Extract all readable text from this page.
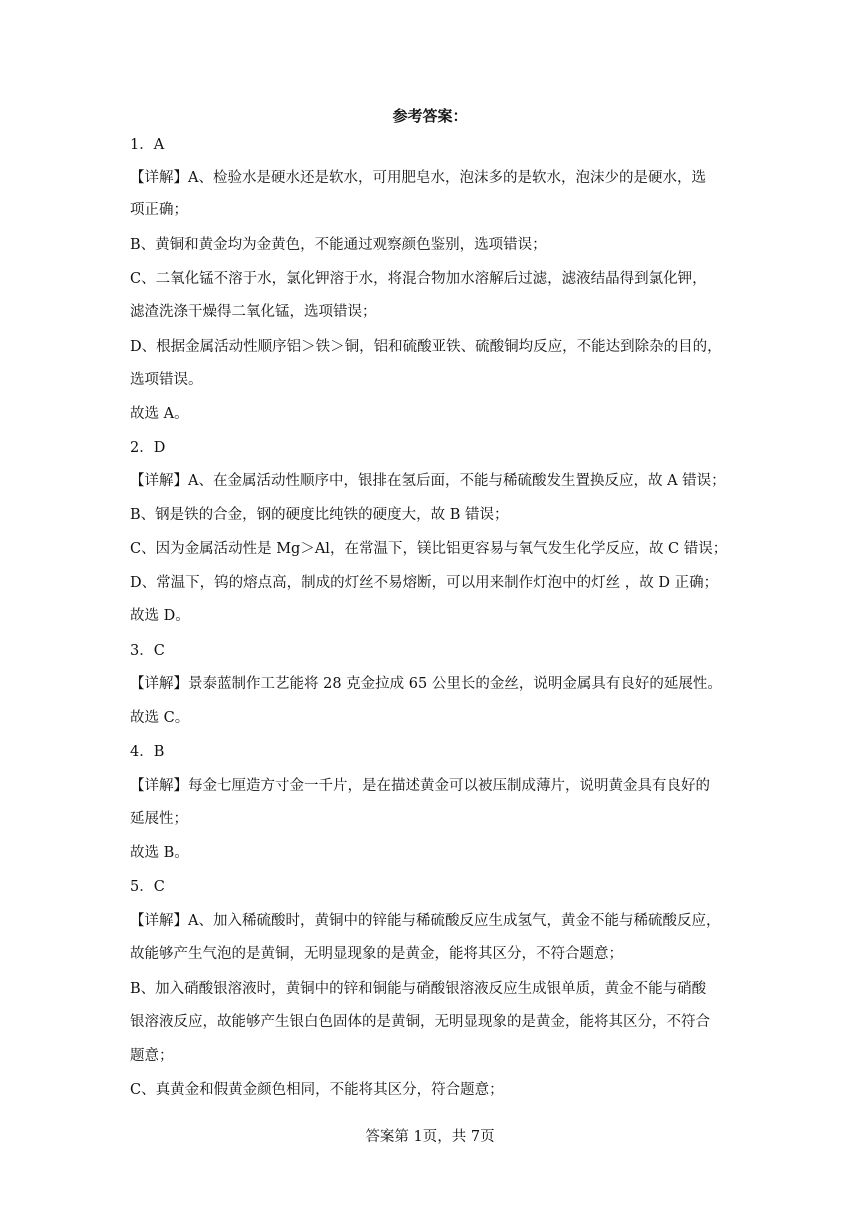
参考答案：
1．A
【详解】A、检验水是硬水还是软水，可用肥皂水，泡沫多的是软水，泡沫少的是硬水，选
项正确；
B、黄铜和黄金均为金黄色，不能通过观察颜色鉴别，选项错误；
C、二氧化锰不溶于水，氯化钾溶于水，将混合物加水溶解后过滤，滤液结晶得到氯化钾，
滤渣洗涤干燥得二氧化锰，选项错误；
D、根据金属活动性顺序铝＞铁＞铜，铝和硫酸亚铁、硫酸铜均反应，不能达到除杂的目的，
选项错误。
故选 A。
2．D
【详解】A、在金属活动性顺序中，银排在氢后面，不能与稀硫酸发生置换反应，故 A 错误；
B、钢是铁的合金，钢的硬度比纯铁的硬度大，故 B 错误；
C、因为金属活动性是 Mg＞Al，在常温下，镁比铝更容易与氧气发生化学反应，故 C 错误；
D、常温下，钨的熔点高，制成的灯丝不易熔断，可以用来制作灯泡中的灯丝 ，故 D 正确；
故选 D。
3．C
【详解】景泰蓝制作工艺能将 28 克金拉成 65 公里长的金丝，说明金属具有良好的延展性。
故选 C。
4．B
【详解】每金七厘造方寸金一千片，是在描述黄金可以被压制成薄片，说明黄金具有良好的
延展性；
故选 B。
5．C
【详解】A、加入稀硫酸时，黄铜中的锌能与稀硫酸反应生成氢气，黄金不能与稀硫酸反应，
故能够产生气泡的是黄铜，无明显现象的是黄金，能将其区分，不符合题意；
B、加入硝酸银溶液时，黄铜中的锌和铜能与硝酸银溶液反应生成银单质，黄金不能与硝酸
银溶液反应，故能够产生银白色固体的是黄铜，无明显现象的是黄金，能将其区分，不符合
题意；
C、真黄金和假黄金颜色相同，不能将其区分，符合题意；
答案第 1页，共 7页
